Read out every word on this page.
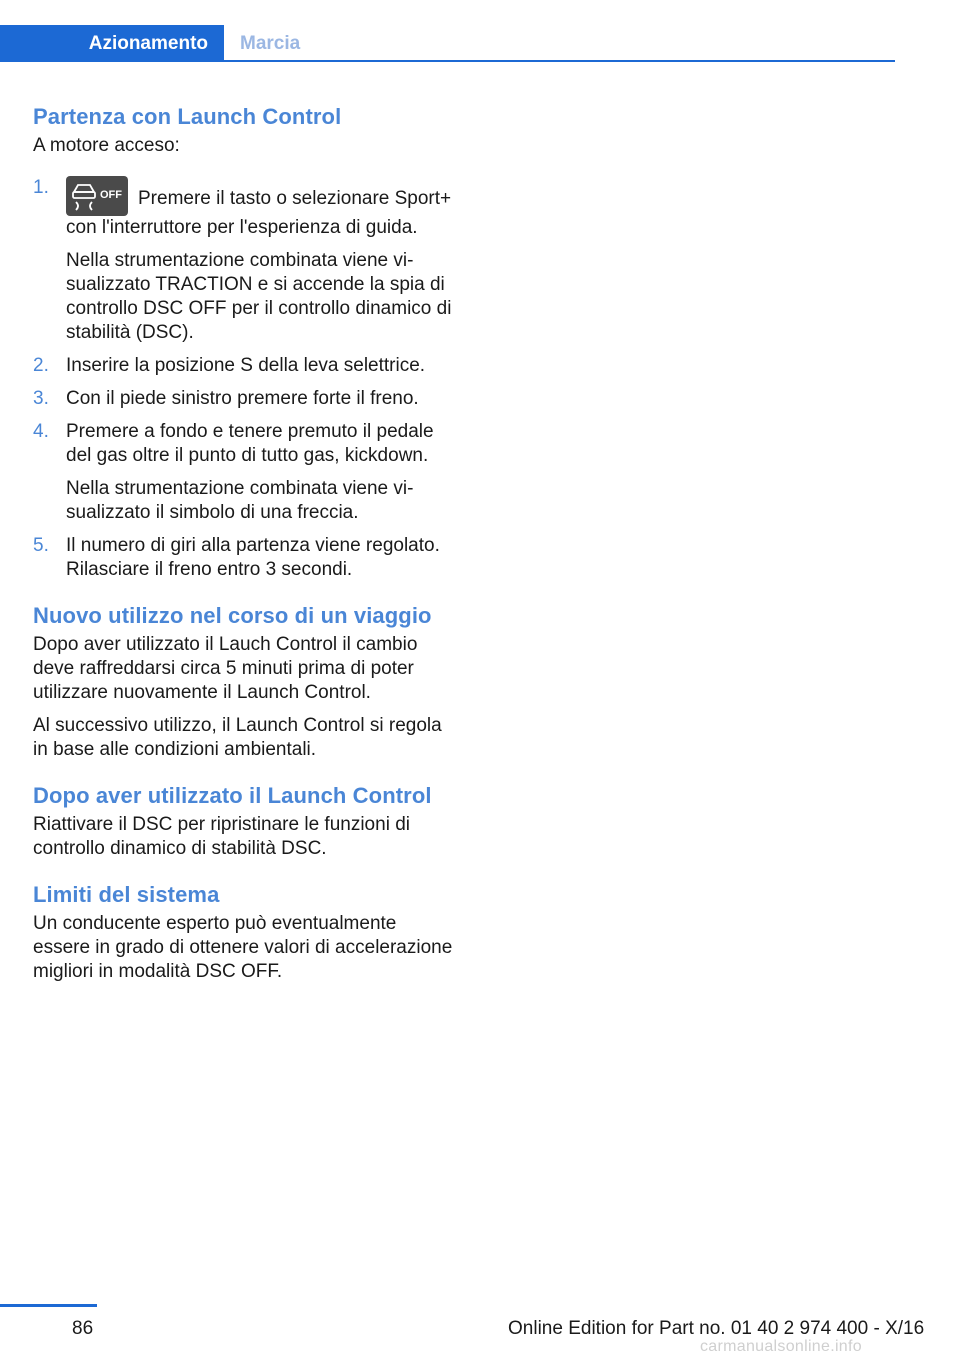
Azionamento	Marcia
Partenza con Launch Control

A motore acceso:

1.	OFF Premere il tasto o selezionare Sport+ con l'interruttore per l'esperienza di guida.

Nella strumentazione combinata viene visualizzato TRACTION e si accende la spia di controllo DSC OFF per il controllo dinamico di stabilità (DSC).

2. Inserire la posizione S della leva selettrice.

3. Con il piede sinistro premere forte il freno.

4. Premere a fondo e tenere premuto il pedale del gas oltre il punto di tutto gas, kickdown.

Nella strumentazione combinata viene visualizzato il simbolo di una freccia.

5. Il numero di giri alla partenza viene regolato. Rilasciare il freno entro 3 secondi.

Nuovo utilizzo nel corso di un viaggio

Dopo aver utilizzato il Lauch Control il cambio deve raffreddarsi circa 5 minuti prima di poter utilizzare nuovamente il Launch Control.

Al successivo utilizzo, il Launch Control si regola in base alle condizioni ambientali.

Dopo aver utilizzato il Launch Control

Riattivare il DSC per ripristinare le funzioni di controllo dinamico di stabilità DSC.

Limiti del sistema

Un conducente esperto può eventualmente essere in grado di ottenere valori di accelerazione migliori in modalità DSC OFF.

86	Online Edition for Part no. 01 40 2 974 400 - X/16
carmanualsonline.info
